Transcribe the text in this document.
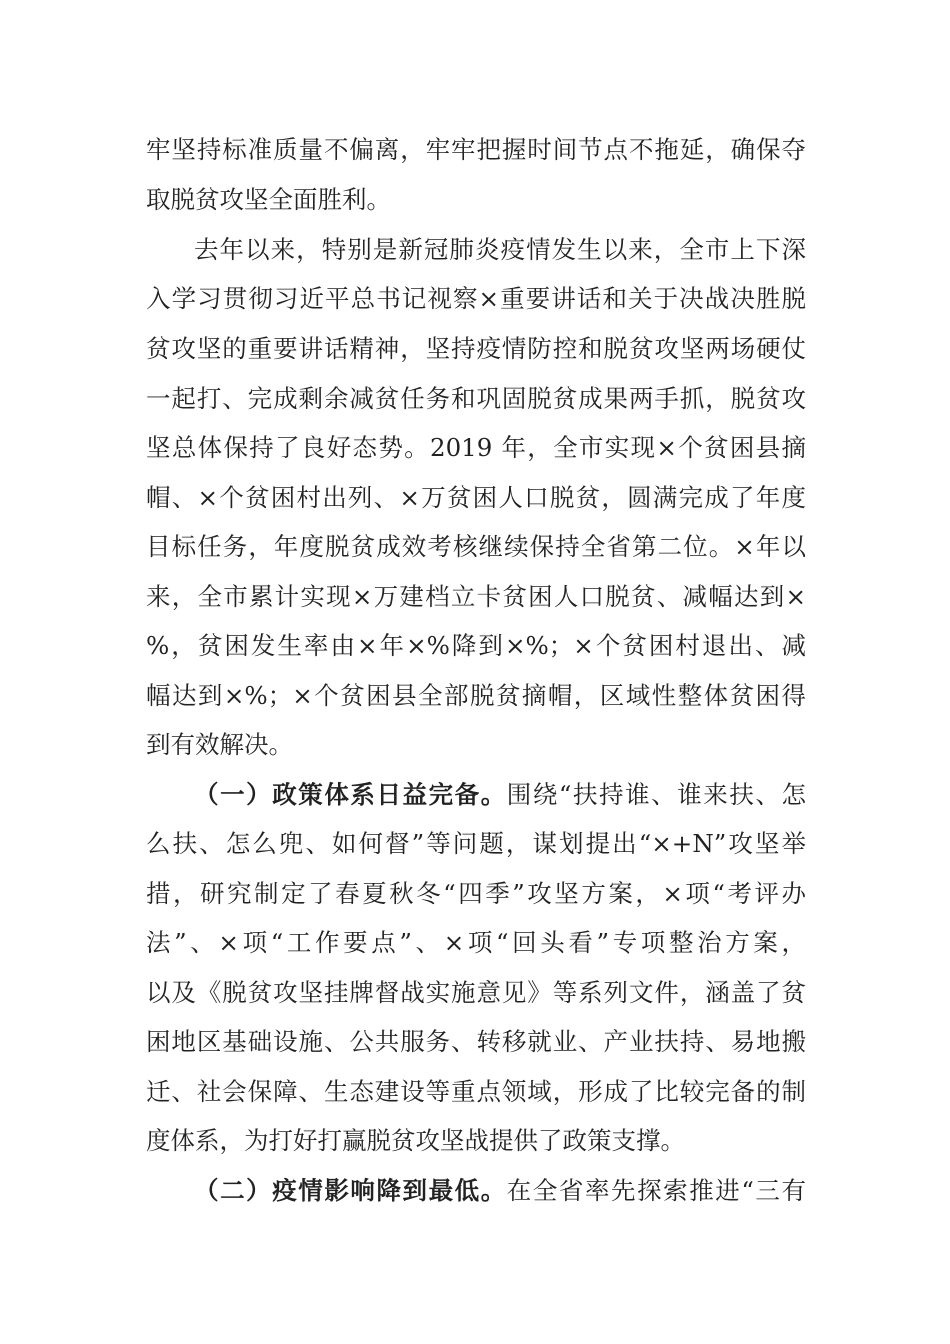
牢坚持标准质量不偏离，牢牢把握时间节点不拖延，确保夺
取脱贫攻坚全面胜利。
去年以来，特别是新冠肺炎疫情发生以来，全市上下深
入学习贯彻习近平总书记视察×重要讲话和关于决战决胜脱
贫攻坚的重要讲话精神，坚持疫情防控和脱贫攻坚两场硬仗
一起打、完成剩余减贫任务和巩固脱贫成果两手抓，脱贫攻
坚总体保持了良好态势。2019 年，全市实现×个贫困县摘
帽、×个贫困村出列、×万贫困人口脱贫，圆满完成了年度
目标任务，年度脱贫成效考核继续保持全省第二位。×年以
来，全市累计实现×万建档立卡贫困人口脱贫、减幅达到×
%，贫困发生率由×年×%降到×%；×个贫困村退出、减
幅达到×%；×个贫困县全部脱贫摘帽，区域性整体贫困得
到有效解决。
（一）政策体系日益完备。围绕“扶持谁、谁来扶、怎
么扶、怎么兜、如何督”等问题，谋划提出“×+N”攻坚举
措，研究制定了春夏秋冬“四季”攻坚方案，×项“考评办
法”、×项“工作要点”、×项“回头看”专项整治方案，
以及《脱贫攻坚挂牌督战实施意见》等系列文件，涵盖了贫
困地区基础设施、公共服务、转移就业、产业扶持、易地搬
迁、社会保障、生态建设等重点领域，形成了比较完备的制
度体系，为打好打赢脱贫攻坚战提供了政策支撑。
（二）疫情影响降到最低。在全省率先探索推进“三有
